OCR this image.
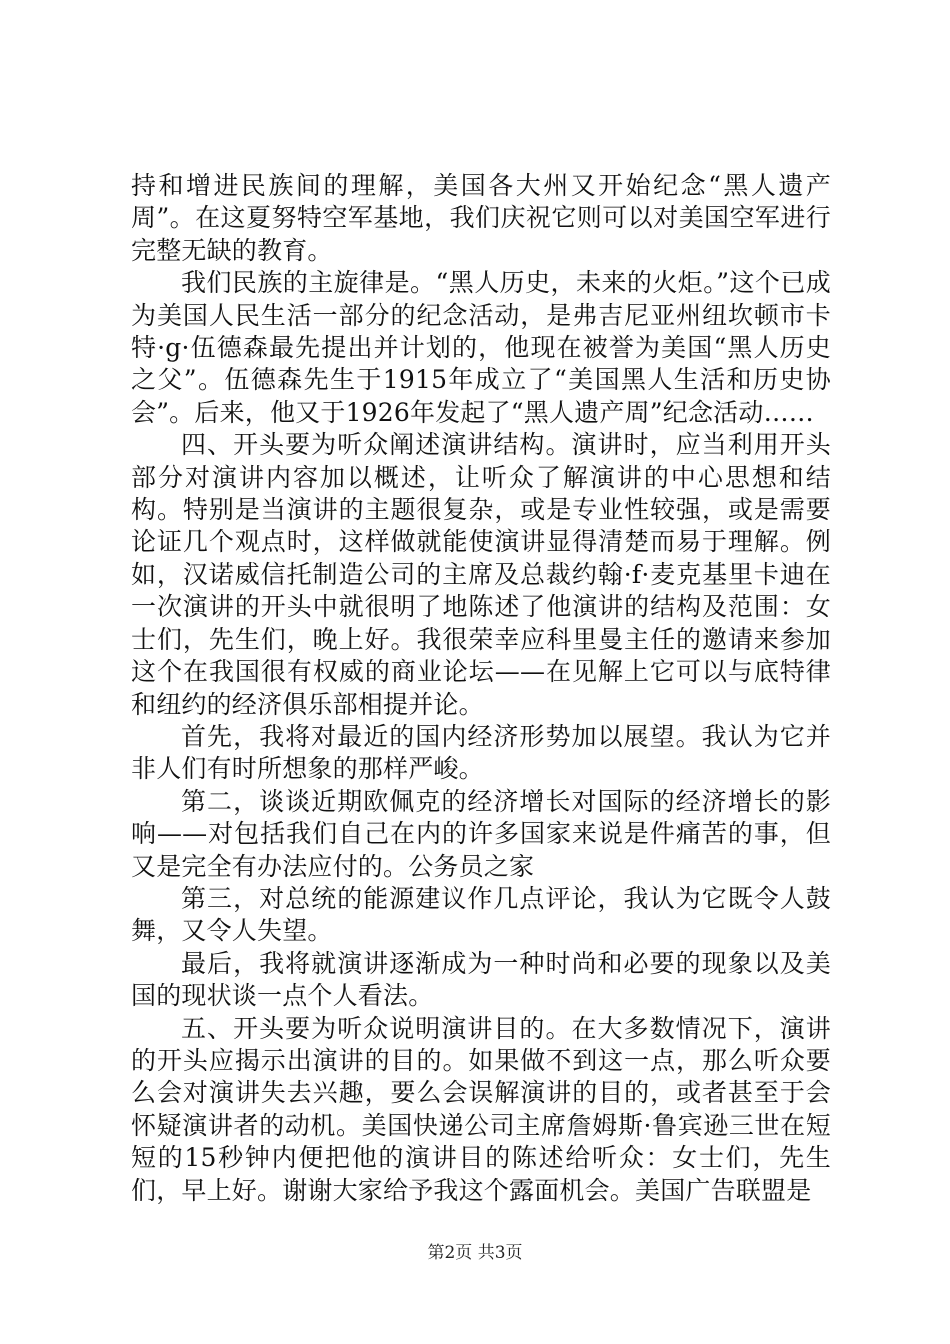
持和增进民族间的理解，美国各大州又开始纪念“黑人遗产周”。在这夏努特空军基地，我们庆祝它则可以对美国空军进行完整无缺的教育。

我们民族的主旋律是。“黑人历史，未来的火炬。”这个已成为美国人民生活一部分的纪念活动，是弗吉尼亚州纽坎顿市卡特·g·伍德森最先提出并计划的，他现在被誉为美国“黑人历史之父”。伍德森先生于1915年成立了“美国黑人生活和历史协会”。后来，他又于1926年发起了“黑人遗产周”纪念活动……

四、开头要为听众阐述演讲结构。演讲时，应当利用开头部分对演讲内容加以概述，让听众了解演讲的中心思想和结构。特别是当演讲的主题很复杂，或是专业性较强，或是需要论证几个观点时，这样做就能使演讲显得清楚而易于理解。例如，汉诺威信托制造公司的主席及总裁约翰·f·麦克基里卡迪在一次演讲的开头中就很明了地陈述了他演讲的结构及范围：女士们，先生们，晚上好。我很荣幸应科里曼主任的邀请来参加这个在我国很有权威的商业论坛——在见解上它可以与底特律和纽约的经济俱乐部相提并论。

首先，我将对最近的国内经济形势加以展望。我认为它并非人们有时所想象的那样严峻。

第二，谈谈近期欧佩克的经济增长对国际的经济增长的影响——对包括我们自己在内的许多国家来说是件痛苦的事，但又是完全有办法应付的。公务员之家

第三，对总统的能源建议作几点评论，我认为它既令人鼓舞，又令人失望。

最后，我将就演讲逐渐成为一种时尚和必要的现象以及美国的现状谈一点个人看法。

五、开头要为听众说明演讲目的。在大多数情况下，演讲的开头应揭示出演讲的目的。如果做不到这一点，那么听众要么会对演讲失去兴趣，要么会误解演讲的目的，或者甚至于会怀疑演讲者的动机。美国快递公司主席詹姆斯·鲁宾逊三世在短短的15秒钟内便把他的演讲目的陈述给听众：女士们，先生们，早上好。谢谢大家给予我这个露面机会。美国广告联盟是

第2页 共3页
